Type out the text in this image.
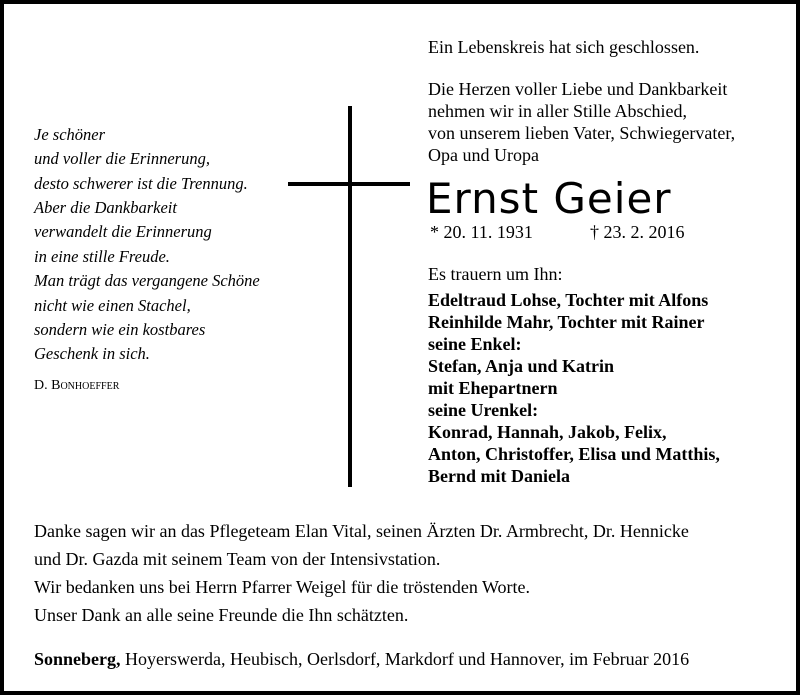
Je schöner
und voller die Erinnerung,
desto schwerer ist die Trennung.
Aber die Dankbarkeit
verwandelt die Erinnerung
in eine stille Freude.
Man trägt das vergangene Schöne
nicht wie einen Stachel,
sondern wie ein kostbares
Geschenk in sich.
D. Bonhoeffer
Ein Lebenskreis hat sich geschlossen.
Die Herzen voller Liebe und Dankbarkeit
nehmen wir in aller Stille Abschied,
von unserem lieben Vater, Schwiegervater,
Opa und Uropa
Ernst Geier
* 20. 11. 1931	† 23. 2. 2016
Es trauern um Ihn:
Edeltraud Lohse, Tochter mit Alfons
Reinhilde Mahr, Tochter mit Rainer
seine Enkel:
Stefan, Anja und Katrin
mit Ehepartnern
seine Urenkel:
Konrad, Hannah, Jakob, Felix,
Anton, Christoffer, Elisa und Matthis,
Bernd mit Daniela
Danke sagen wir an das Pflegeteam Elan Vital, seinen Ärzten Dr. Armbrecht, Dr. Hennicke
und Dr. Gazda mit seinem Team von der Intensivstation.
Wir bedanken uns bei Herrn Pfarrer Weigel für die tröstenden Worte.
Unser Dank an alle seine Freunde die Ihn schätzten.
Sonneberg, Hoyerswerda, Heubisch, Oerlsdorf, Markdorf und Hannover, im Februar 2016
